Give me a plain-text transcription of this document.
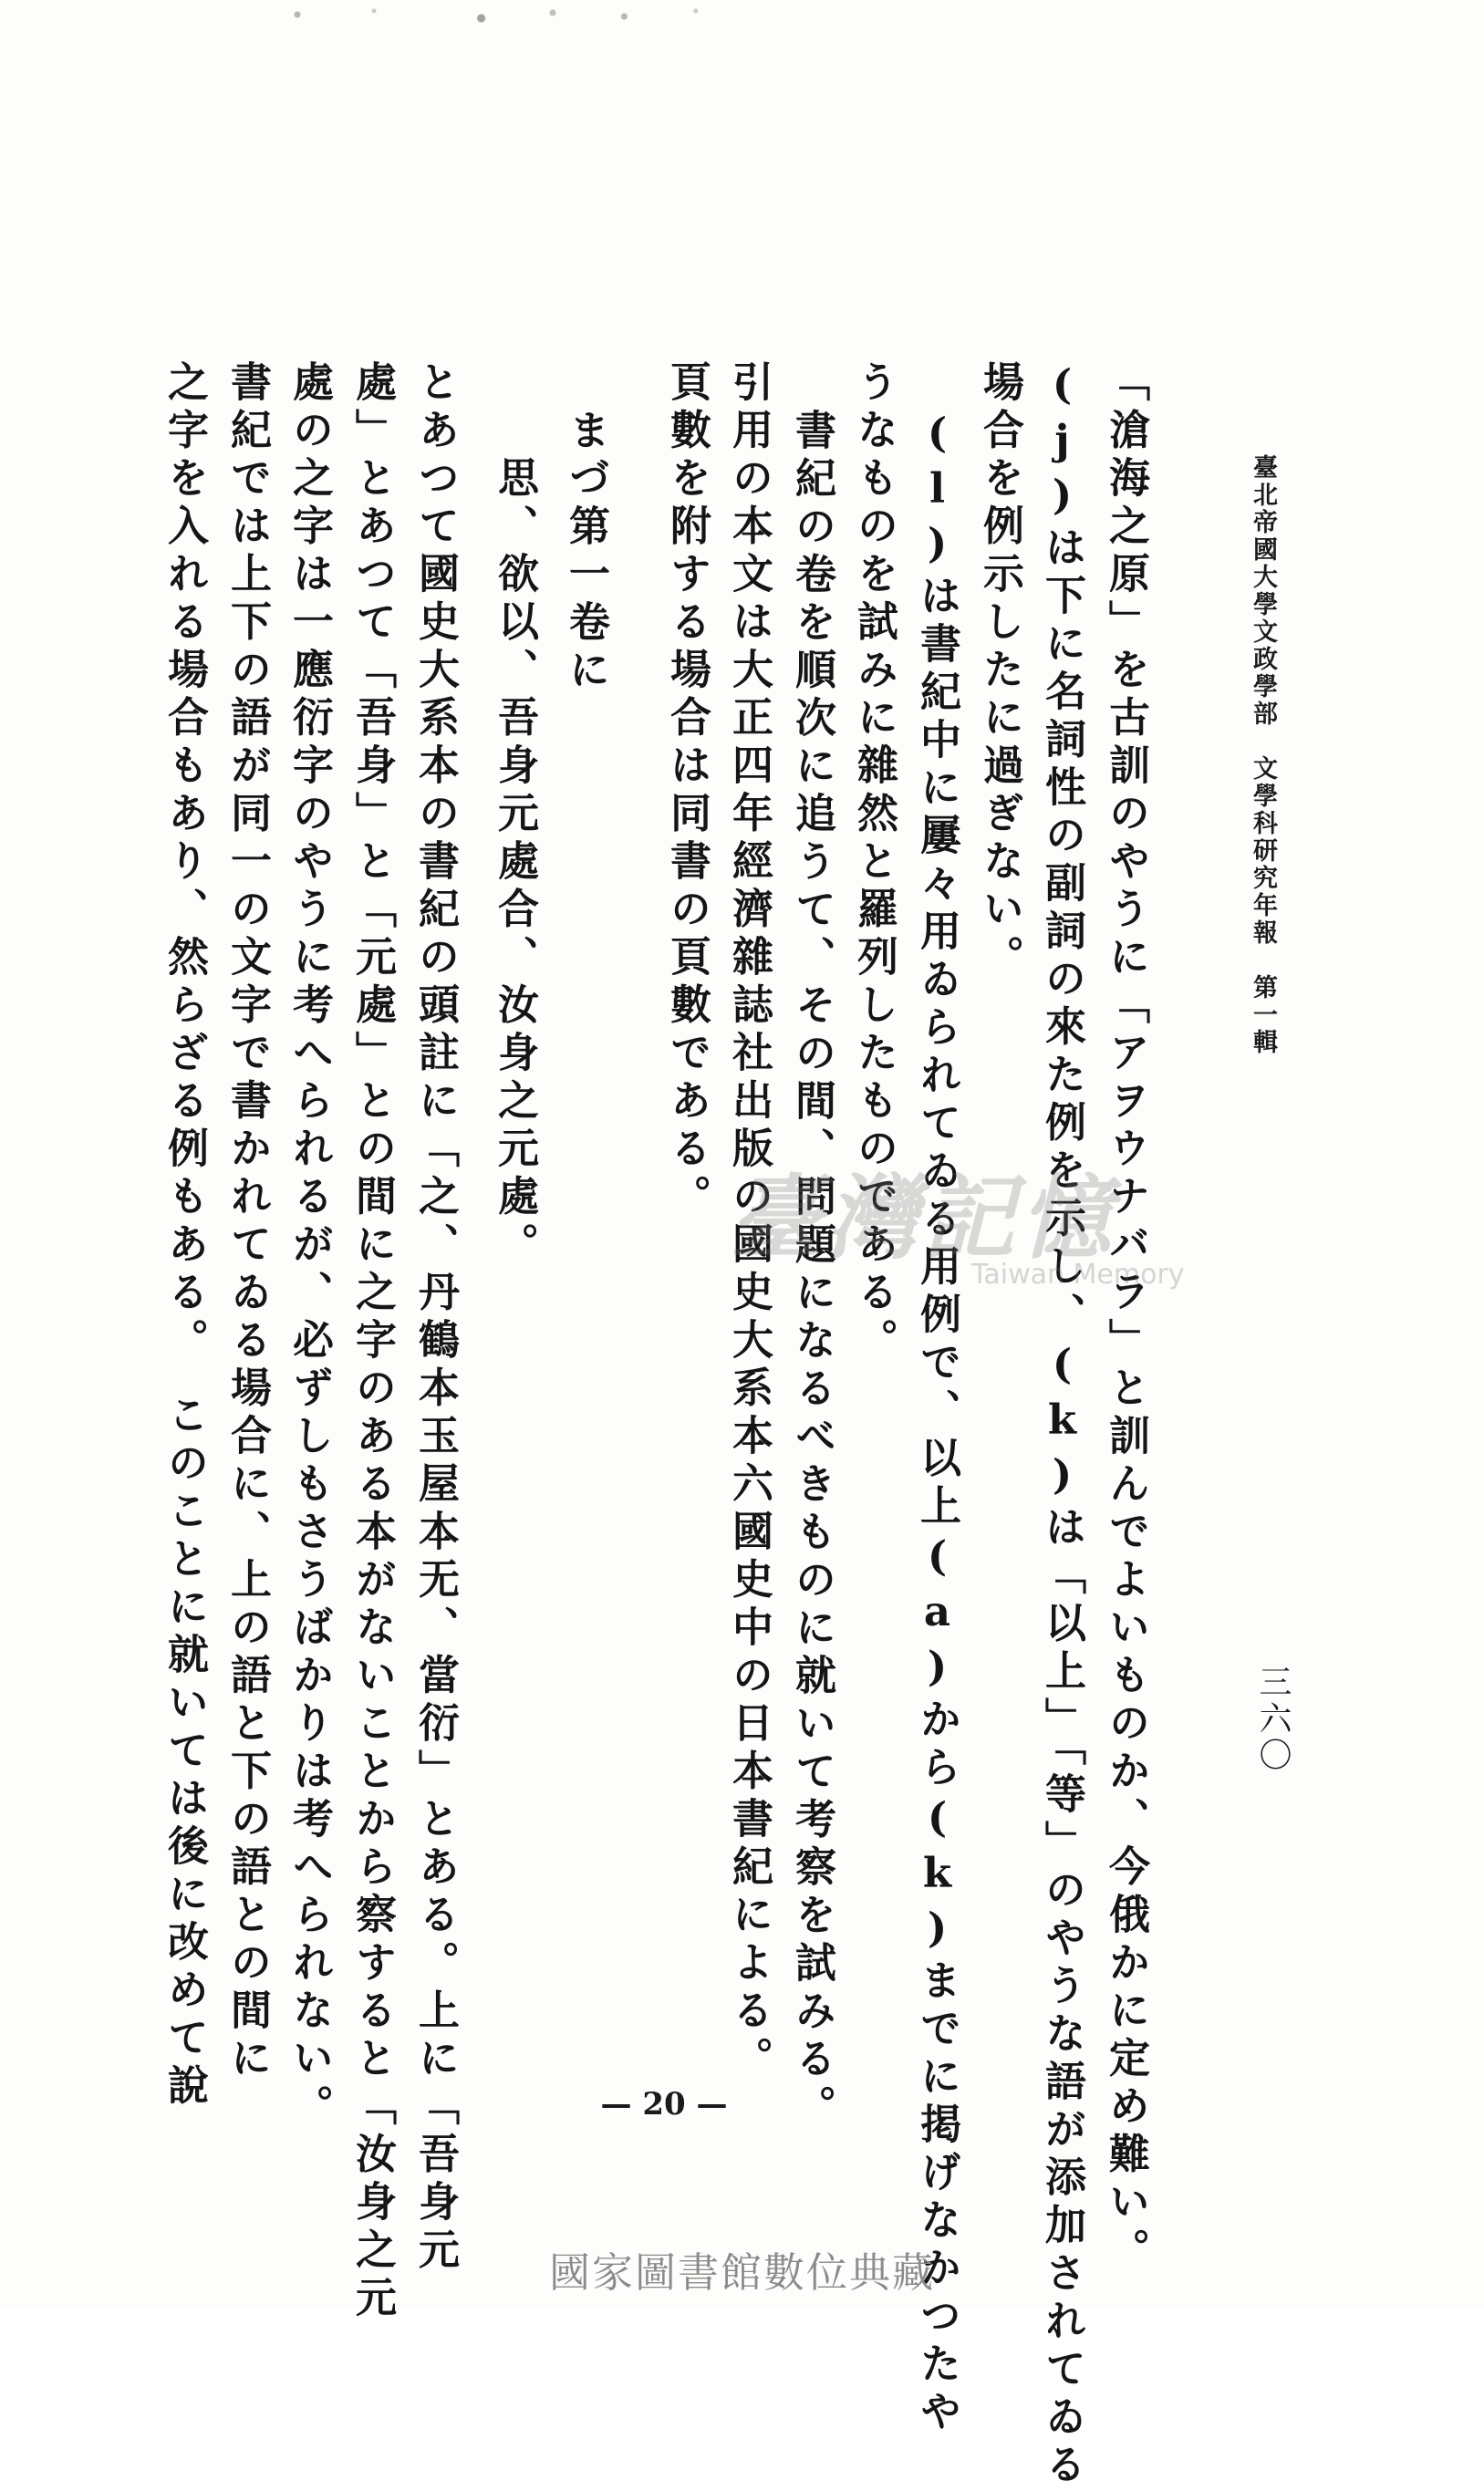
臺北帝國大學文政學部　文學科研究年報　第一輯
三六〇
「滄海之原」を古訓のやうに「アヲウナバラ」と訓んでよいものか、今俄かに定め難い。
(j)は下に名詞性の副詞の來た例を示し、(k)は「以上」「等」のやうな語が添加されてゐる
場合を例示したに過ぎない。
(l)は書紀中に屢々用ゐられてゐる用例で、以上(a)から(k)までに掲げなかつたや
うなものを試みに雜然と羅列したものである。
書紀の卷を順次に追うて、その間、問題になるべきものに就いて考察を試みる。
引用の本文は大正四年經濟雜誌社出版の國史大系本六國史中の日本書紀による。
頁數を附する場合は同書の頁數である。
まづ第一卷に
思、欲以、吾身元處合、汝身之元處。
とあつて國史大系本の書紀の頭註に「之、丹鶴本玉屋本无、當衍」とある。上に「吾身元
處」とあつて「吾身」と「元處」との間に之字のある本がないことから察すると「汝身之元
處の之字は一應衍字のやうに考へられるが、必ずしもさうばかりは考へられない。
書紀では上下の語が同一の文字で書かれてゐる場合に、上の語と下の語との間に
之字を入れる場合もあり、然らざる例もある。　このことに就いては後に改めて說	臺灣記憶
Taiwan Memory
— 20 —
國家圖書館數位典藏
